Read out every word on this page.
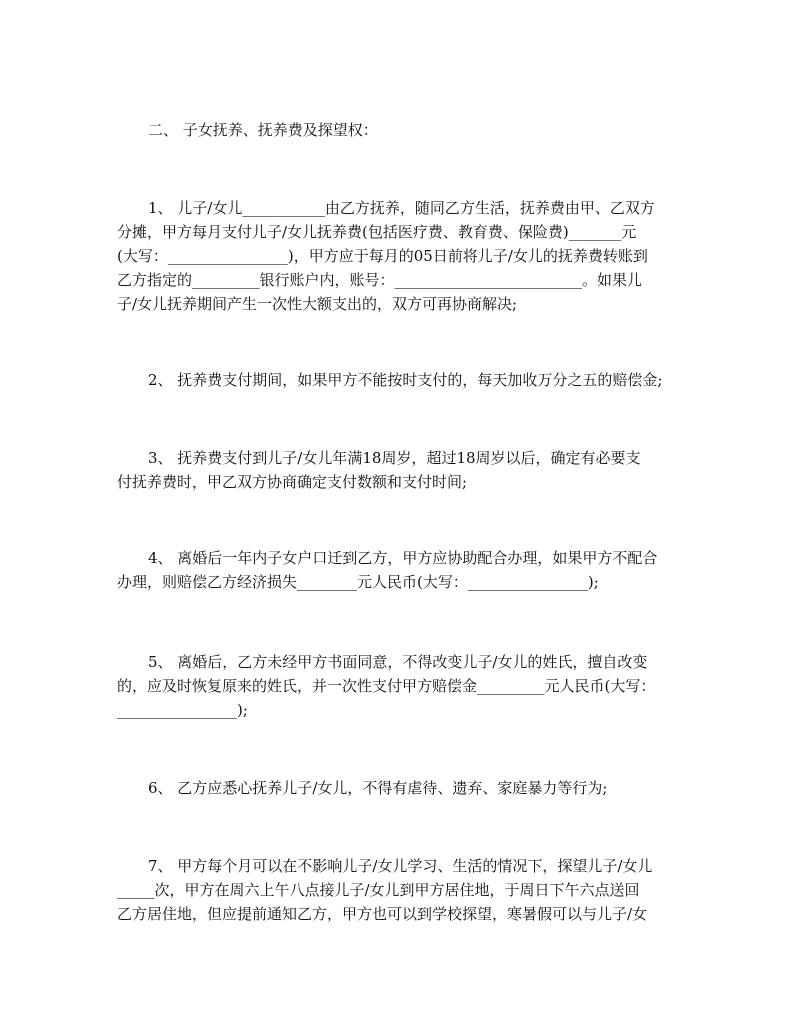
二、 子女抚养、抚养费及探望权：
1、 儿子/女儿___________由乙方抚养，随同乙方生活，抚养费由甲、乙双方
分摊，甲方每月支付儿子/女儿抚养费(包括医疗费、教育费、保险费)_______元
(大写：________________)，甲方应于每月的05日前将儿子/女儿的抚养费转账到
乙方指定的_________银行账户内，账号：_________________________。如果儿
子/女儿抚养期间产生一次性大额支出的，双方可再协商解决;
2、 抚养费支付期间，如果甲方不能按时支付的，每天加收万分之五的赔偿金;
3、 抚养费支付到儿子/女儿年满18周岁，超过18周岁以后，确定有必要支
付抚养费时，甲乙双方协商确定支付数额和支付时间;
4、 离婚后一年内子女户口迁到乙方，甲方应协助配合办理，如果甲方不配合
办理，则赔偿乙方经济损失________元人民币(大写：________________);
5、 离婚后，乙方未经甲方书面同意，不得改变儿子/女儿的姓氏，擅自改变
的，应及时恢复原来的姓氏，并一次性支付甲方赔偿金_________元人民币(大写：
________________);
6、 乙方应悉心抚养儿子/女儿，不得有虐待、遗弃、家庭暴力等行为;
7、 甲方每个月可以在不影响儿子/女儿学习、生活的情况下，探望儿子/女儿
_____次，甲方在周六上午八点接儿子/女儿到甲方居住地，于周日下午六点送回
乙方居住地，但应提前通知乙方，甲方也可以到学校探望，寒暑假可以与儿子/女
